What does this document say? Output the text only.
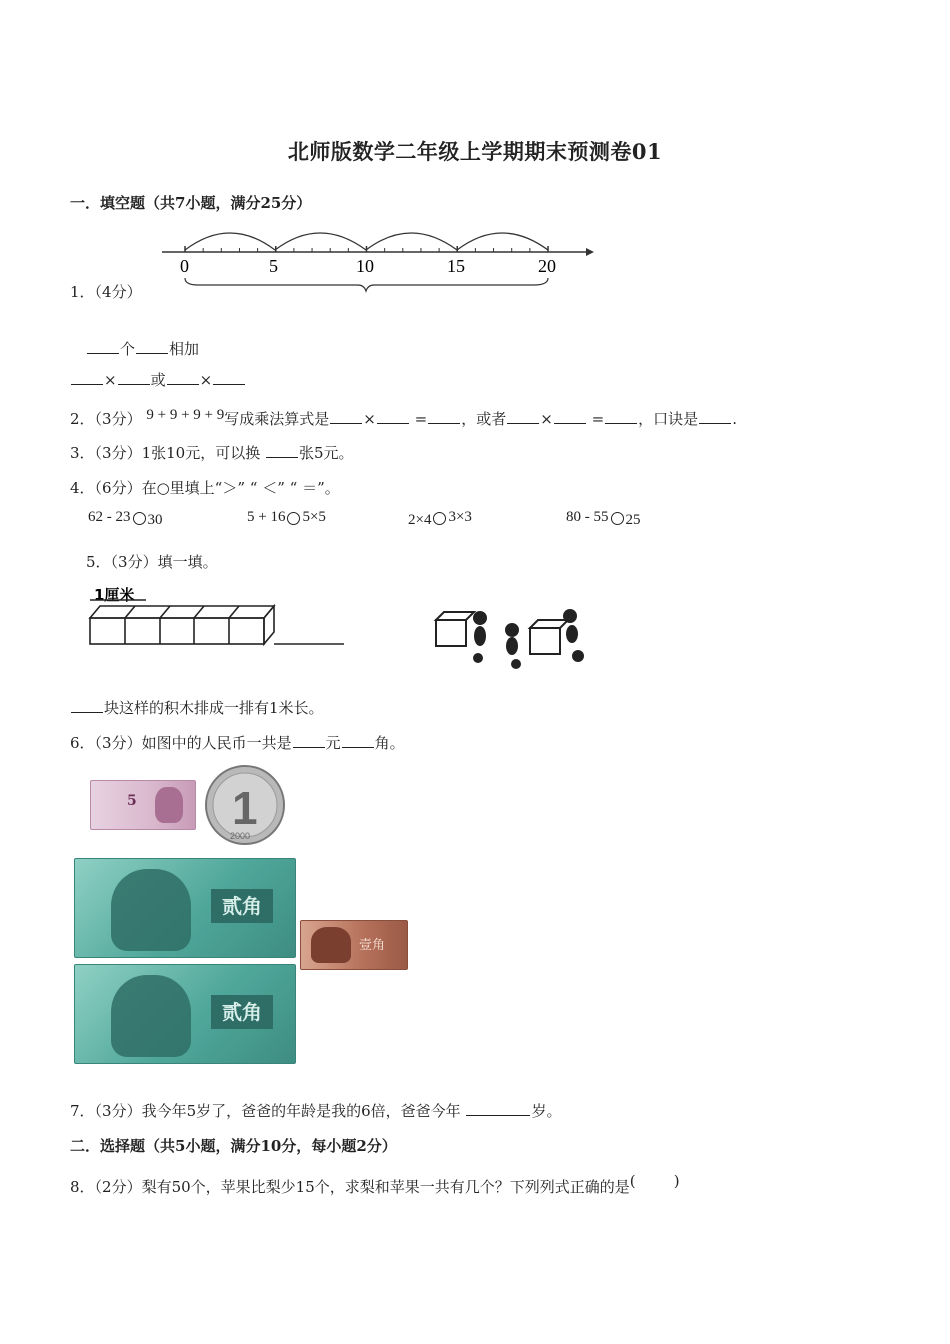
北师版数学二年级上学期期末预测卷01
一．填空题（共7小题，满分25分）
0	5	10	15	20
1．（4分）
个 相加
× 或 ×
2．（3分） 9 + 9 + 9 + 9写成乘法算式是 ×	= ，或者 ×	= ，口诀是 .
3．（3分）1张10元，可以换	张5元。
4．（6分）在○里填上“＞” “ ＜” “ ＝”。
62 - 23 30	5 + 16 5×5	2×4 3×3	80 - 55 25
5．（3分）填一填。
1厘米
块这样的积木排成一排有1米长。
6．（3分）如图中的人民币一共是 元 角。
5 1
2000
贰角
贰角
壹角
7．（3分）我今年5岁了，爸爸的年龄是我的6倍，爸爸今年	岁。
二．选择题（共5小题，满分10分，每小题2分）
8．（2分）梨有50个，苹果比梨少15个，求梨和苹果一共有几个？下列列式正确的是(        )
